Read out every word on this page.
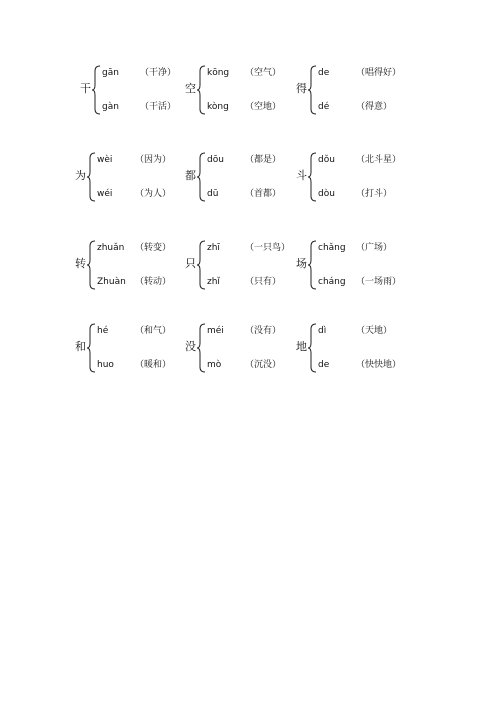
干
gān （干净）
gàn （干活）
空
kōng （空气）
kòng （空地）
得
de	（唱得好）
dé	（得意）
为
wèi	（因为）
wéi	（为人）
都
dōu （都是）
dū	（首都）
斗
dǒu （北斗星）
dòu （打斗）
转
zhuǎn （转变）
Zhuàn （转动）
只
zhī	（一只鸟）
zhǐ	（只有）
场
chǎng （广场）
cháng （一场雨）
和
hé	（和气）
huo （暖和）
没
méi （没有）
mò	（沉没）
地
dì	（天地）
de	（快快地）
